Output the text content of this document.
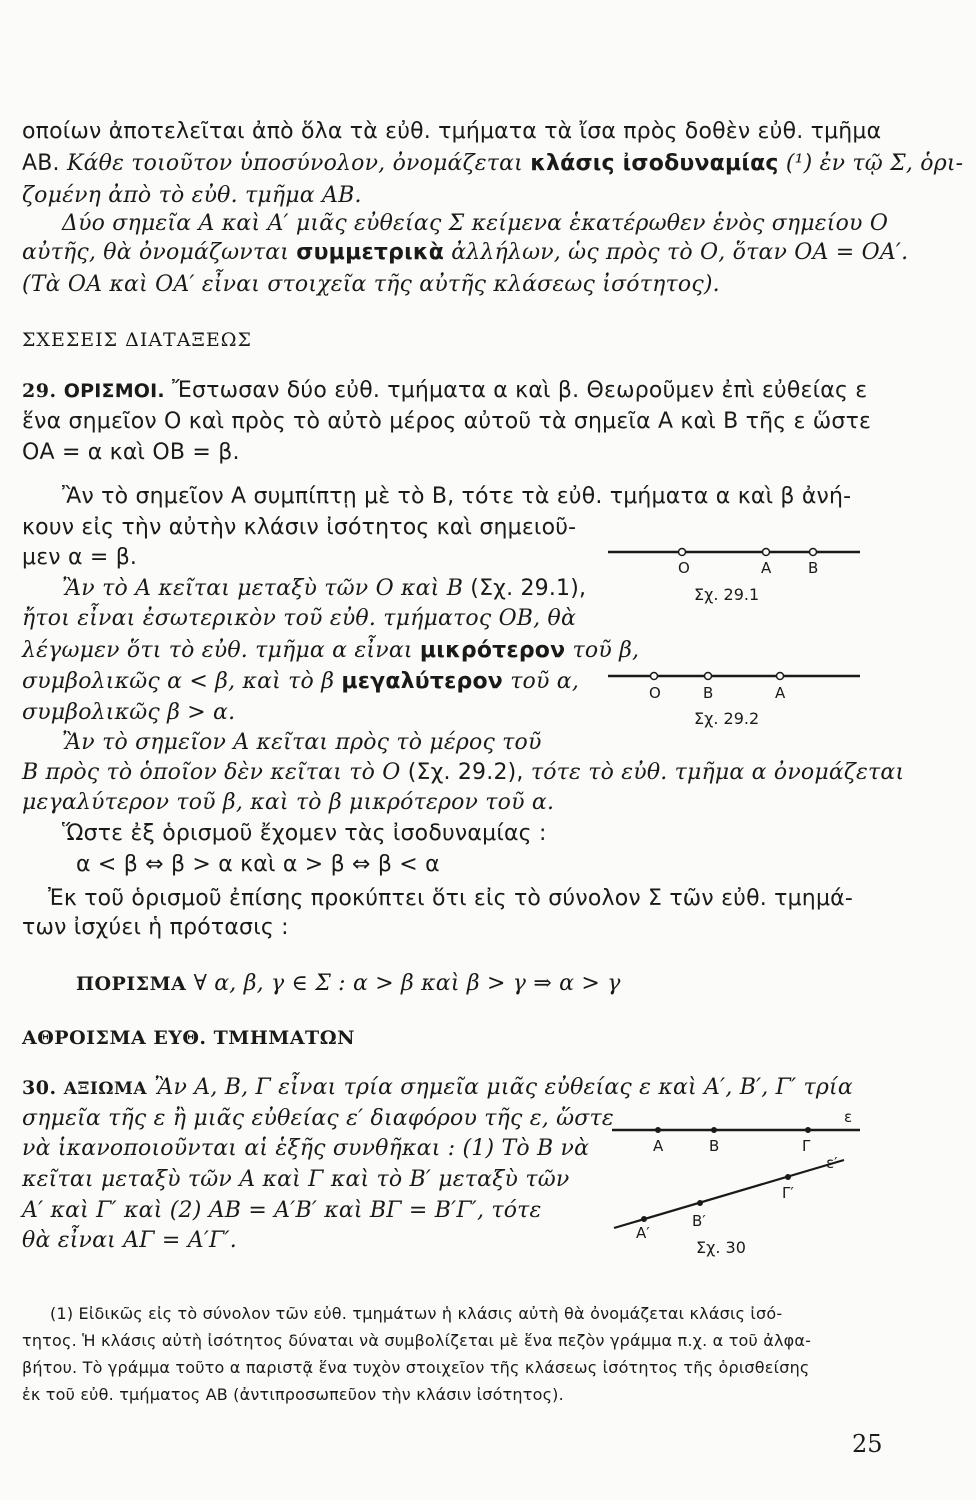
οποίων ἀποτελεῖται ἀπὸ ὅλα τὰ εὐθ. τμήματα τὰ ἴσα πρὸς δοθὲν εὐθ. τμῆμα
ΑΒ. Κάθε τοιοῦτον ὑποσύνολον, ὀνομάζεται κλάσις ἰσοδυναμίας (¹) ἐν τῷ Σ, ὁρι-
ζομένη ἀπὸ τὸ εὐθ. τμῆμα ΑΒ.
Δύο σημεῖα Α καὶ Α′ μιᾶς εὐθείας Σ κείμενα ἑκατέρωθεν ἑνὸς σημείου Ο
αὐτῆς, θὰ ὀνομάζωνται συμμετρικὰ ἀλλήλων, ὡς πρὸς τὸ Ο, ὅταν ΟΑ = ΟΑ′.
(Τὰ ΟΑ καὶ ΟΑ′ εἶναι στοιχεῖα τῆς αὐτῆς κλάσεως ἰσότητος).
ΣΧΕΣΕΙΣ ΔΙΑΤΑΞΕΩΣ
29. ΟΡΙΣΜΟΙ. Ἔστωσαν δύο εὐθ. τμήματα α καὶ β. Θεωροῦμεν ἐπὶ εὐθείας ε
ἕνα σημεῖον Ο καὶ πρὸς τὸ αὐτὸ μέρος αὐτοῦ τὰ σημεῖα Α καὶ Β τῆς ε ὥστε
ΟΑ = α καὶ ΟΒ = β.
Ἂν τὸ σημεῖον Α συμπίπτῃ μὲ τὸ Β, τότε τὰ εὐθ. τμήματα α καὶ β ἀνή-
κουν εἰς τὴν αὐτὴν κλάσιν ἰσότητος καὶ σημειοῦ-
μεν α = β.
Ἂν τὸ Α κεῖται μεταξὺ τῶν Ο καὶ Β (Σχ. 29.1),
ἤτοι εἶναι ἐσωτερικὸν τοῦ εὐθ. τμήματος ΟΒ, θὰ
λέγωμεν ὅτι τὸ εὐθ. τμῆμα α εἶναι μικρότερον τοῦ β,
συμβολικῶς α < β, καὶ τὸ β μεγαλύτερον τοῦ α,
συμβολικῶς β > α.
Ἂν τὸ σημεῖον Α κεῖται πρὸς τὸ μέρος τοῦ
Β πρὸς τὸ ὁποῖον δὲν κεῖται τὸ Ο (Σχ. 29.2), τότε τὸ εὐθ. τμῆμα α ὀνομάζεται
μεγαλύτερον τοῦ β, καὶ τὸ β μικρότερον τοῦ α.
Ὥστε ἐξ ὁρισμοῦ ἔχομεν τὰς ἰσοδυναμίας :
α < β ⇔ β > α καὶ α > β ⇔ β < α
Ἐκ τοῦ ὁρισμοῦ ἐπίσης προκύπτει ὅτι εἰς τὸ σύνολον Σ τῶν εὐθ. τμημά-
των ἰσχύει ἡ πρότασις :
ΠΟΡΙΣΜΑ ∀ α, β, γ ∈ Σ : α > β καὶ β > γ ⇒ α > γ
ΑΘΡΟΙΣΜΑ ΕΥΘ. ΤΜΗΜΑΤΩΝ
30. ΑΞΙΩΜΑ Ἂν Α, Β, Γ εἶναι τρία σημεῖα μιᾶς εὐθείας ε καὶ Α′, Β′, Γ′ τρία
σημεῖα τῆς ε ἢ μιᾶς εὐθείας ε′ διαφόρου τῆς ε, ὥστε
νὰ ἱκανοποιοῦνται αἱ ἑξῆς συνθῆκαι : (1) Τὸ Β νὰ
κεῖται μεταξὺ τῶν Α καὶ Γ καὶ τὸ Β′ μεταξὺ τῶν
Α′ καὶ Γ′ καὶ (2) ΑΒ = Α′Β′ καὶ ΒΓ = Β′Γ′, τότε
θὰ εἶναι ΑΓ = Α′Γ′.
O	A B
Σχ. 29.1
O	B	A
Σχ. 29.2
ε
A	B	Γ
ε′
A′
B′
Γ′
Σχ. 30
(1) Εἰδικῶς εἰς τὸ σύνολον τῶν εὐθ. τμημάτων ἡ κλάσις αὐτὴ θὰ ὀνομάζεται κλάσις ἰσό-
τητος. Ἡ κλάσις αὐτὴ ἰσότητος δύναται νὰ συμβολίζεται μὲ ἕνα πεζὸν γράμμα π.χ. α τοῦ ἀλφα-
βήτου. Τὸ γράμμα τοῦτο α παριστᾷ ἕνα τυχὸν στοιχεῖον τῆς κλάσεως ἰσότητος τῆς ὁρισθείσης
ἐκ τοῦ εὐθ. τμήματος ΑΒ (ἀντιπροσωπεῦον τὴν κλάσιν ἰσότητος).
25
